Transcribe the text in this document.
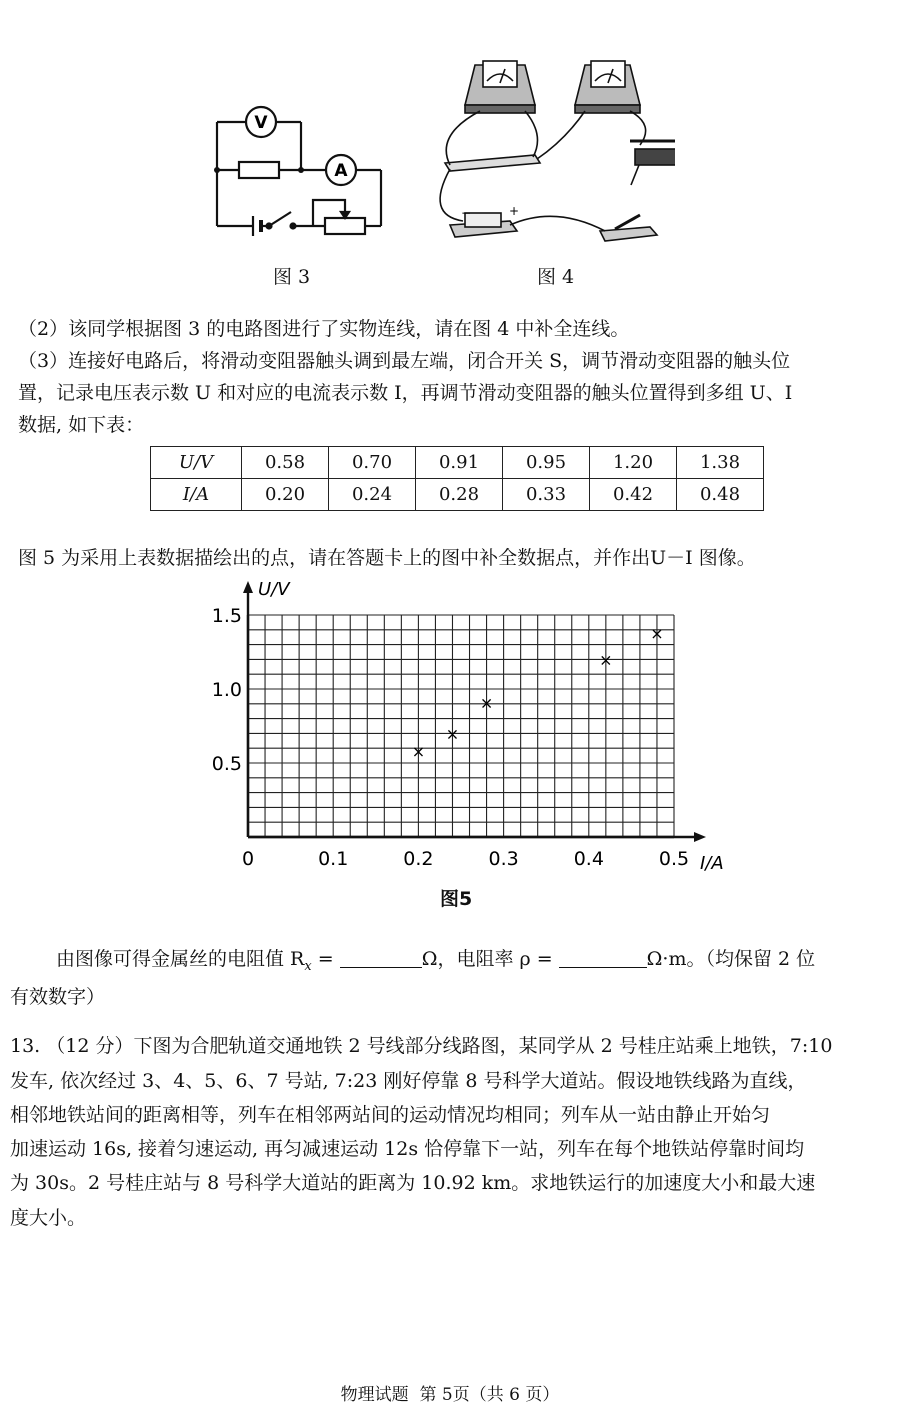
V
A
图 3
−	+
图 4
（2）该同学根据图 3 的电路图进行了实物连线，请在图 4 中补全连线。
（3）连接好电路后，将滑动变阻器触头调到最左端，闭合开关 S，调节滑动变阻器的触头位
置，记录电压表示数 U 和对应的电流表示数 I，再调节滑动变阻器的触头位置得到多组 U、I
数据, 如下表：
U/V	0.58	0.70	0.91	0.95	1.20	1.38
I/A	0.20	0.24	0.28	0.33	0.42	0.48
图 5 为采用上表数据描绘出的点，请在答题卡上的图中补全数据点，并作出U－I 图像。
0	0.1	0.2	0.3	0.4	0.5
0.5
1.0
1.5
×
×
×
×
×
U/V
I/A
图5
由图像可得金属丝的电阻值 $R_x$ =	Ω，电阻率 ρ =	Ω·m。（均保留 2 位
有效数字）
13. （12 分）下图为合肥轨道交通地铁 2 号线部分线路图，某同学从 2 号桂庄站乘上地铁，7:10
发车, 依次经过 3、4、5、6、7 号站, 7:23 刚好停靠 8 号科学大道站。假设地铁线路为直线，
相邻地铁站间的距离相等，列车在相邻两站间的运动情况均相同；列车从一站由静止开始匀
加速运动 16s, 接着匀速运动, 再匀减速运动 12s 恰停靠下一站，列车在每个地铁站停靠时间均
为 30s。2 号桂庄站与 8 号科学大道站的距离为 10.92 km。求地铁运行的加速度大小和最大速
度大小。
物理试题 第 5页（共 6 页）
